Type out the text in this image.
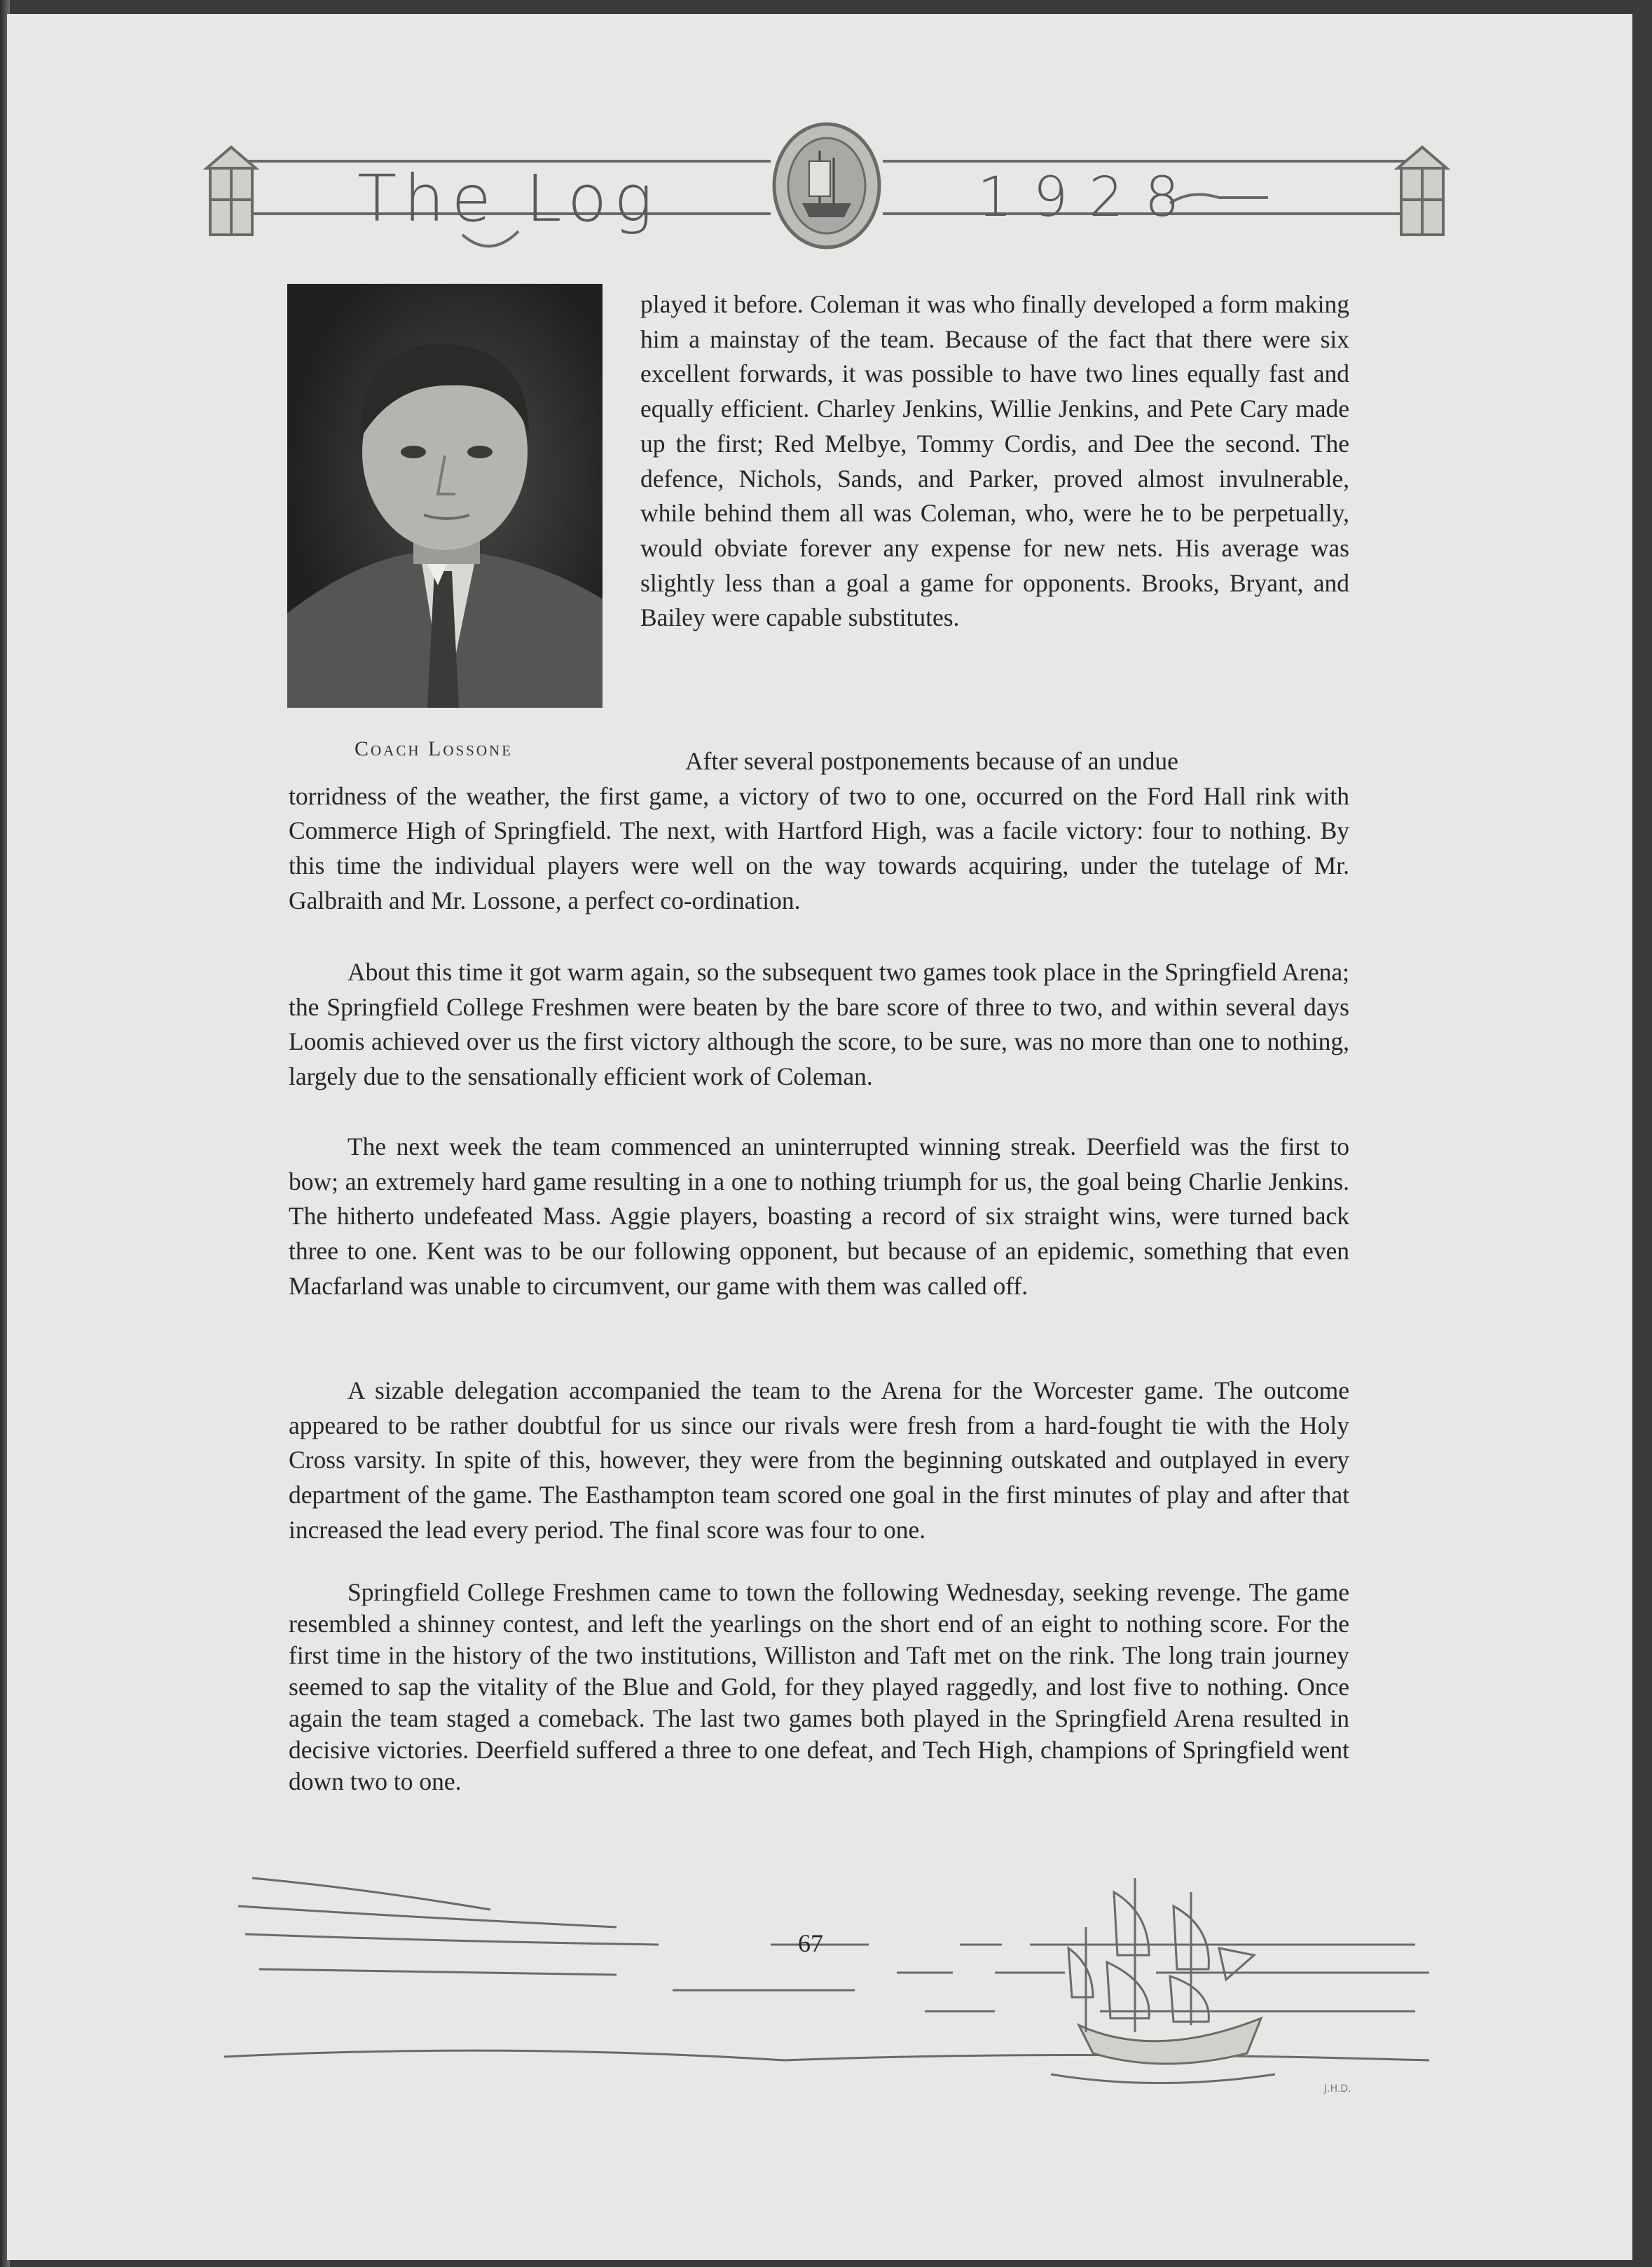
The Log	1928
Coach Lossone

played it before. Coleman it was who finally developed a form making him a mainstay of the team. Because of the fact that there were six excellent forwards, it was possible to have two lines equally fast and equally efficient. Charley Jenkins, Willie Jenkins, and Pete Cary made up the first; Red Melbye, Tommy Cordis, and Dee the second. The defence, Nichols, Sands, and Parker, proved almost invulnerable, while behind them all was Coleman, who, were he to be perpetually, would obviate forever any expense for new nets. His average was slightly less than a goal a game for opponents. Brooks, Bryant, and Bailey were capable substitutes.

After several postponements because of an undue

torridness of the weather, the first game, a victory of two to one, occurred on the Ford Hall rink with Commerce High of Springfield. The next, with Hartford High, was a facile victory: four to nothing. By this time the individual players were well on the way towards acquiring, under the tutelage of Mr. Galbraith and Mr. Lossone, a perfect co-ordination.

About this time it got warm again, so the subsequent two games took place in the Springfield Arena; the Springfield College Freshmen were beaten by the bare score of three to two, and within several days Loomis achieved over us the first victory although the score, to be sure, was no more than one to nothing, largely due to the sensationally efficient work of Coleman.

The next week the team commenced an uninterrupted winning streak. Deerfield was the first to bow; an extremely hard game resulting in a one to nothing triumph for us, the goal being Charlie Jenkins. The hitherto undefeated Mass. Aggie players, boasting a record of six straight wins, were turned back three to one. Kent was to be our following opponent, but because of an epidemic, something that even Macfarland was unable to circumvent, our game with them was called off.

A sizable delegation accompanied the team to the Arena for the Worcester game. The outcome appeared to be rather doubtful for us since our rivals were fresh from a hard-fought tie with the Holy Cross varsity. In spite of this, however, they were from the beginning outskated and outplayed in every department of the game. The Easthampton team scored one goal in the first minutes of play and after that increased the lead every period. The final score was four to one.

Springfield College Freshmen came to town the following Wednesday, seeking revenge. The game resembled a shinney contest, and left the yearlings on the short end of an eight to nothing score. For the first time in the history of the two institutions, Williston and Taft met on the rink. The long train journey seemed to sap the vitality of the Blue and Gold, for they played raggedly, and lost five to nothing. Once again the team staged a comeback. The last two games both played in the Springfield Arena resulted in decisive victories. Deerfield suffered a three to one defeat, and Tech High, champions of Springfield went down two to one.

J.H.D.
67
